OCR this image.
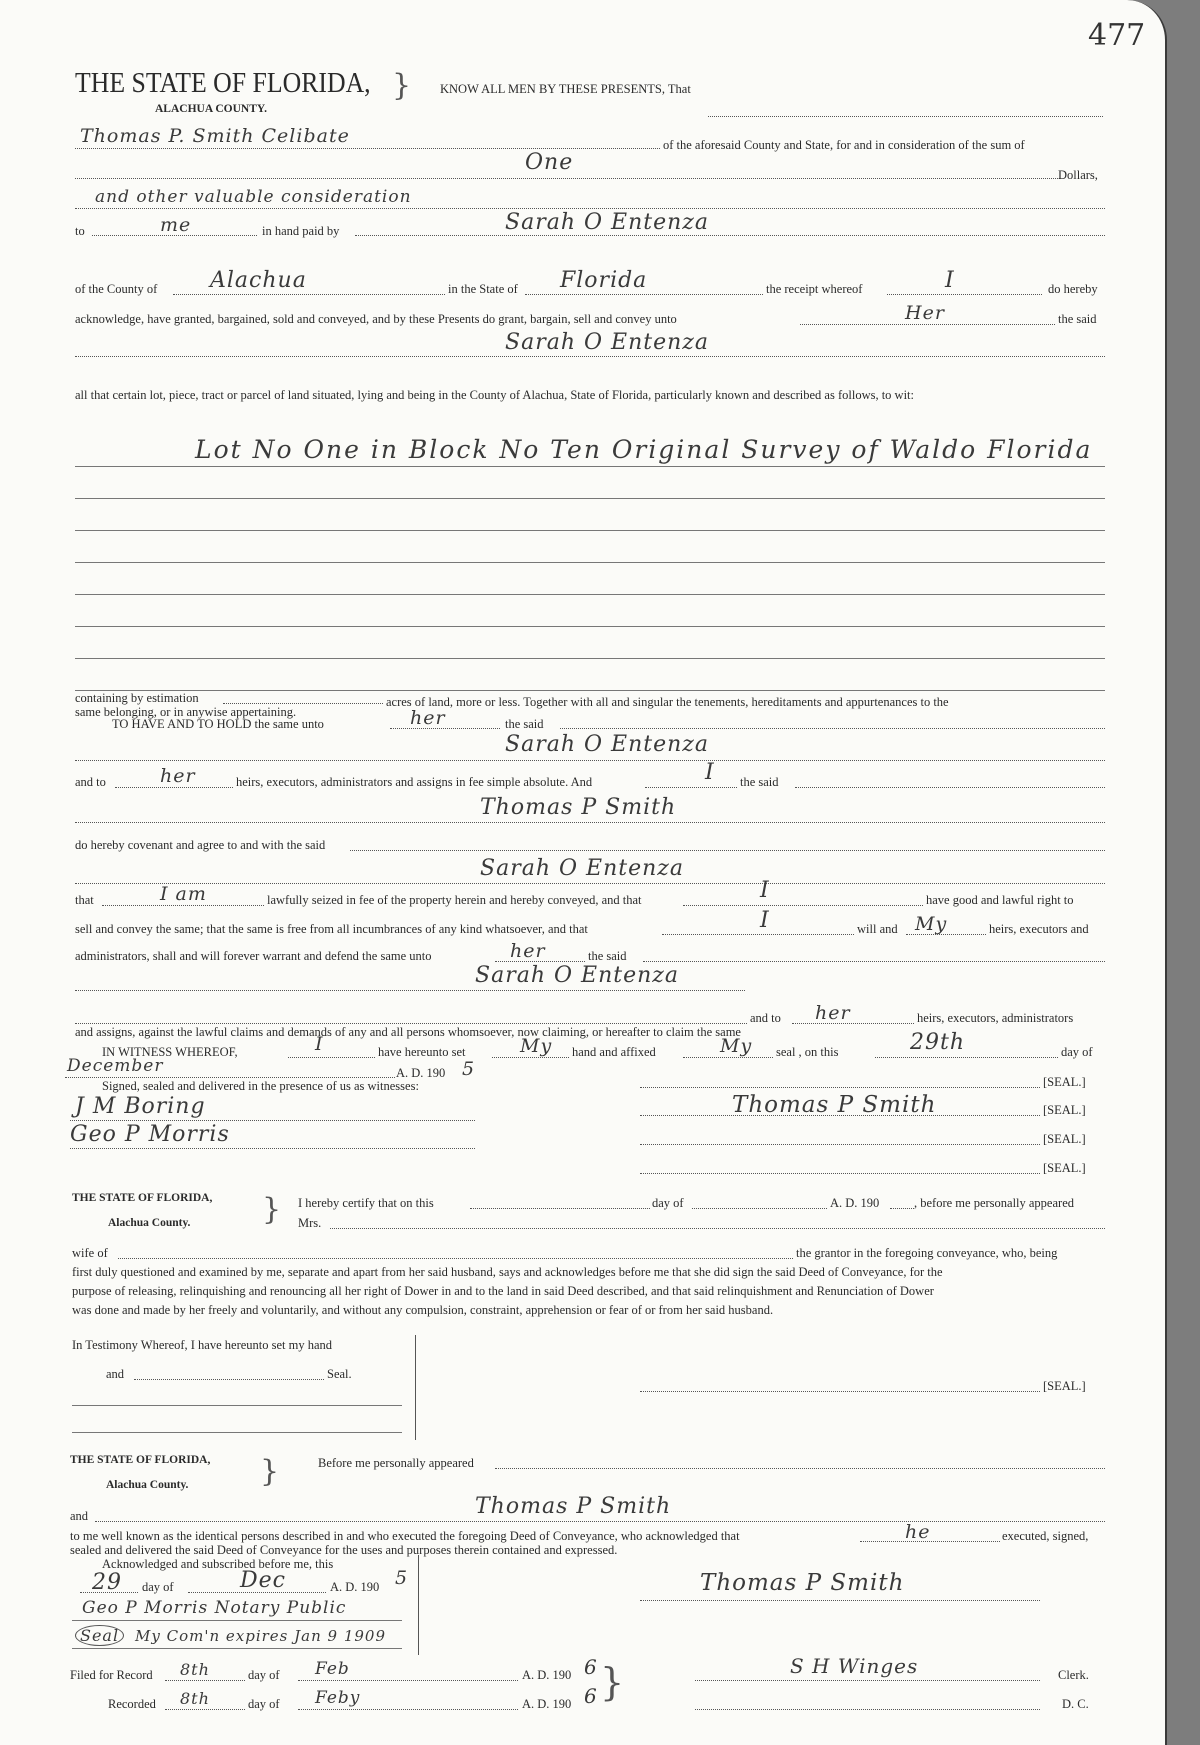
477
THE STATE OF FLORIDA, }
ALACHUA COUNTY.
KNOW ALL MEN BY THESE PRESENTS, That
Thomas P. Smith Celibate	of the aforesaid County and State, for and in consideration of the sum of
One	Dollars,
and other valuable consideration
to	me	in hand paid by	Sarah O Entenza
of the County of Alachua	in the State of Florida	the receipt whereof	I	do hereby
acknowledge, have granted, bargained, sold and conveyed, and by these Presents do grant, bargain, sell and convey unto	Her	the said
Sarah O Entenza
all that certain lot, piece, tract or parcel of land situated, lying and being in the County of Alachua, State of Florida, particularly known and described as follows, to wit:
Lot No One in Block No Ten Original Survey of Waldo Florida
containing by estimation	acres of land, more or less. Together with all and singular the tenements, hereditaments and appurtenances to the
same belonging, or in anywise appertaining.
TO HAVE AND TO HOLD the same unto	her	the said
Sarah O Entenza
and to	her	heirs, executors, administrators and assigns in fee simple absolute. And	I the said
Thomas P Smith
do hereby covenant and agree to and with the said
Sarah O Entenza
that	I am	lawfully seized in fee of the property herein and hereby conveyed, and that	I	have good and lawful right to
sell and convey the same; that the same is free from all incumbrances of any kind whatsoever, and that	I	will and My	heirs, executors and
administrators, shall and will forever warrant and defend the same unto	her	the said
Sarah O Entenza
and to her	heirs, executors, administrators
and assigns, against the lawful claims and demands of any and all persons whomsoever, now claiming, or hereafter to claim the same
IN WITNESS WHEREOF,	I	have hereunto set	My hand and affixed	My seal , on this	29th	day of
December	A. D. 190 5
Signed, sealed and delivered in the presence of us as witnesses:
J M Boring
Geo P Morris
[SEAL.]
Thomas P Smith	[SEAL.]
[SEAL.]
[SEAL.]
THE STATE OF FLORIDA,
Alachua County. } I hereby certify that on this	day of	A. D. 190	, before me personally appeared
Mrs.
wife of	the grantor in the foregoing conveyance, who, being
first duly questioned and examined by me, separate and apart from her said husband, says and acknowledges before me that she did sign the said Deed of Conveyance, for the
purpose of releasing, relinquishing and renouncing all her right of Dower in and to the land in said Deed described, and that said relinquishment and Renunciation of Dower
was done and made by her freely and voluntarily, and without any compulsion, constraint, apprehension or fear of or from her said husband.
In Testimony Whereof, I have hereunto set my hand
and	Seal.
[SEAL.]
THE STATE OF FLORIDA,
Alachua County. }	Before me personally appeared
and	Thomas P Smith
to me well known as the identical persons described in and who executed the foregoing Deed of Conveyance, who acknowledged that	he	executed, signed,
sealed and delivered the said Deed of Conveyance for the uses and purposes therein contained and expressed.
Acknowledged and subscribed before me, this
29 day of	Dec	A. D. 190 5
Geo P Morris Notary Public
Seal	My Com'n expires Jan 9 1909
Thomas P Smith
Filed for Record 8th	day of Feb	A. D. 190 6	S H Winges	Clerk.
Recorded 8th	day of Feby	A. D. 190 6 }	D. C.
